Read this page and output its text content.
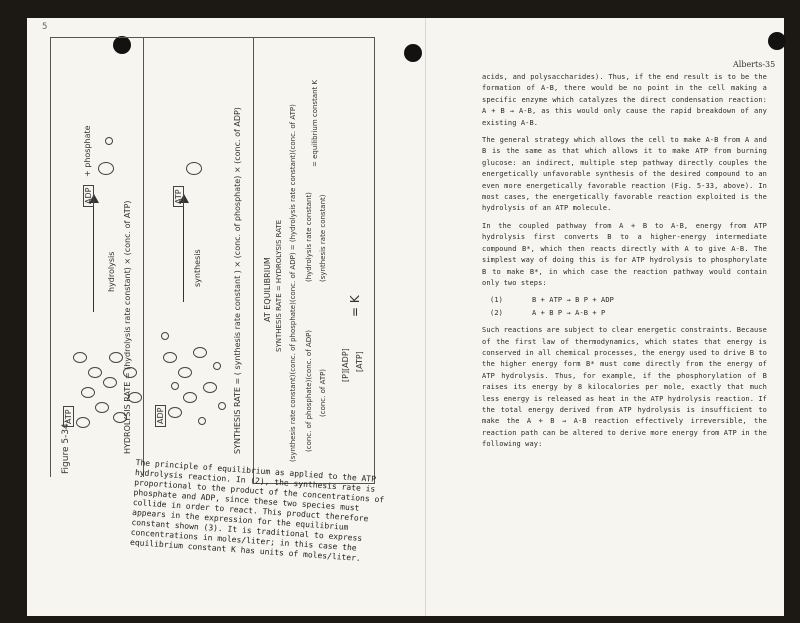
5
Alberts-35
Figure 5-34:
ATP
hydrolysis
ADP
+ phosphate
HYDROLYSIS RATE = (hydrolysis rate constant) × (conc. of ATP)	ADP
synthesis
ATP	SYNTHESIS RATE = ( synthesis rate constant ) × (conc. of phosphate) × (conc. of ADP)	AT EQUILIBRIUM SYNTHESIS RATE = HYDROLYSIS RATE (synthesis rate constant)(conc. of phosphate)(conc. of ADP) = (hydrolysis rate constant)(conc. of ATP) (conc. of phosphate)(conc. of ADP) (conc. of ATP)
(hydrolysis rate constant) (synthesis rate constant)
= equilibrium constant K
[P][ADP] [ATP]
= K
The principle of equilibrium as applied to the ATP hydrolysis reaction. In (2), the synthesis rate is proportional to the product of the concentrations of phosphate and ADP, since these two species must collide in order to react. This product therefore appears in the expression for the equilibrium constant shown (3). It is traditional to express concentrations in moles/liter; in this case the equilibrium constant K has units of moles/liter.

acids, and polysaccharides). Thus, if the end result is to be the formation of A-B, there would be no point in the cell making a specific enzyme which catalyzes the direct condensation reaction: A + B → A-B, as this would only cause the rapid breakdown of any existing A-B.

The general strategy which allows the cell to make A-B from A and B is the same as that which allows it to make ATP from burning glucose: an indirect, multiple step pathway directly couples the energetically unfavorable synthesis of the desired compound to an even more energetically favorable reaction (Fig. 5-33, above). In most cases, the energetically favorable reaction exploited is the hydrolysis of an ATP molecule.

In the coupled pathway from A + B to A-B, energy from ATP hydrolysis first converts B to a higher-energy intermediate compound B*, which then reacts directly with A to give A-B. The simplest way of doing this is for ATP hydrolysis to phosphorylate B to make B*, in which case the reaction pathway would contain only two steps:

(1)	B + ATP → B P + ADP
(2)	A + B P → A-B + P

Such reactions are subject to clear energetic constraints. Because of the first law of thermodynamics, which states that energy is conserved in all chemical processes, the energy used to drive B to the higher energy form B* must come directly from the energy of ATP hydrolysis. Thus, for example, if the phosphorylation of B raises its energy by 8 kilocalories per mole, exactly that much less energy is released as heat in the ATP hydrolysis reaction. If the total energy derived from ATP hydrolysis is insufficient to make the A + B → A-B reaction effectively irreversible, the reaction path can be altered to derive more energy from ATP in the following way:
